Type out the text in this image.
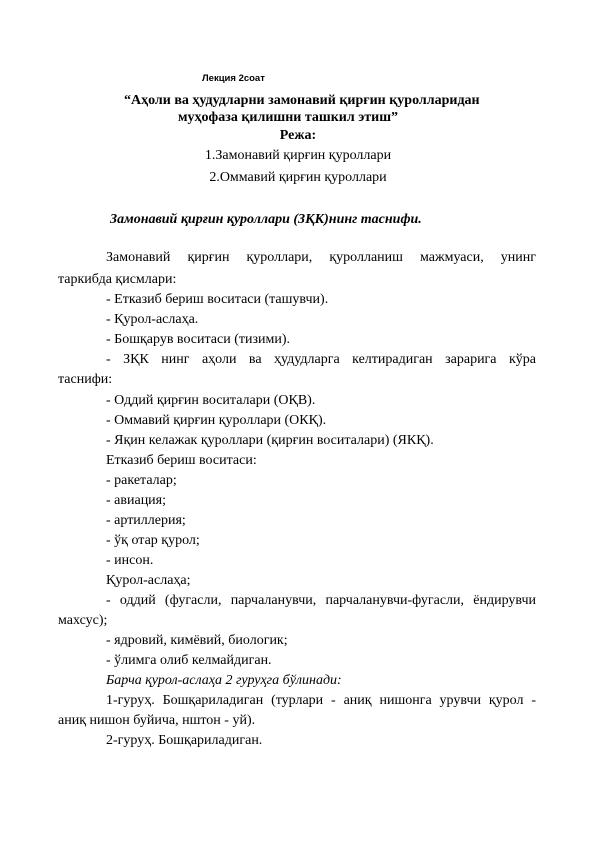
Лекция 2соат
“Аҳоли ва ҳудудларни замонавий қирғин қуролларидан
муҳофаза қилишни ташкил этиш”
Режа:
1.Замонавий қирғин қуроллари
2.Оммавий қирғин қуроллари
Замонавий қирғин қуроллари (ЗҚК)нинг таснифи.
Замонавий қирғин қуроллари, қуролланиш мажмуаси, унинг
таркибда қисмлари:
- Етказиб бериш воситаси (ташувчи).
- Қурол-аслаҳа.
- Бошқарув воситаси (тизими).
- ЗҚК нинг аҳоли ва ҳудудларга келтирадиган зарарига кўра
таснифи:
- Оддий қирғин воситалари (ОҚВ).
- Оммавий қирғин қуроллари (ОКҚ).
- Яқин келажак қуроллари (қирғин воситалари) (ЯКҚ).
Етказиб бериш воситаси:
- ракеталар;
- авиация;
- артиллерия;
- ўқ отар қурол;
- инсон.
Қурол-аслаҳа;
- оддий (фугасли, парчаланувчи, парчаланувчи-фугасли, ёндирувчи
махсус);
- ядровий, кимёвий, биологик;
- ўлимга олиб келмайдиган.
Барча қурол-аслаҳа 2 гуруҳга бўлинади:
1-гуруҳ. Бошқариладиган (турлари - аниқ нишонга урувчи қурол -
аниқ нишон буйича, нштон - уй).
2-гуруҳ. Бошқариладиган.
